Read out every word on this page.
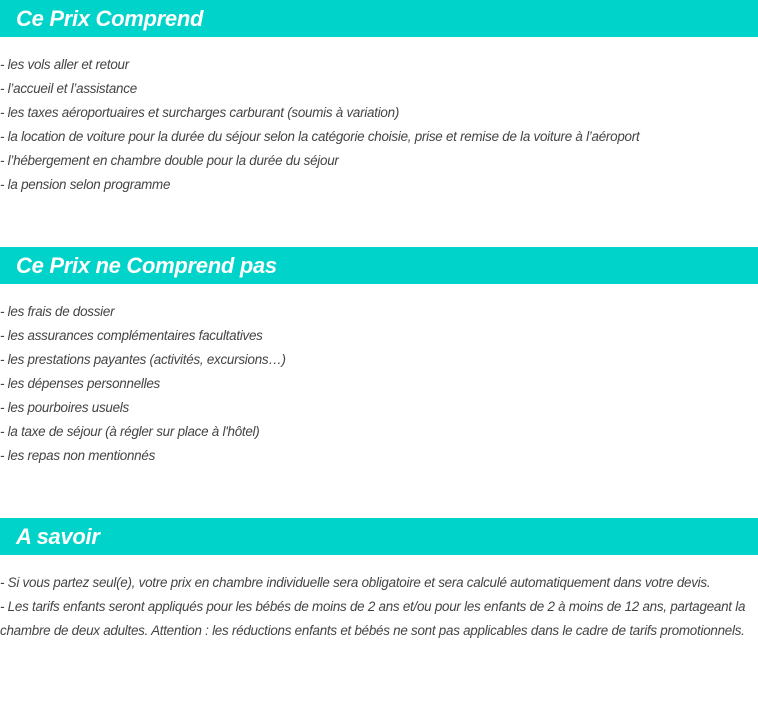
Ce Prix Comprend
- les vols aller et retour
- l’accueil et l’assistance
- les taxes aéroportuaires et surcharges carburant (soumis à variation)
- la location de voiture pour la durée du séjour selon la catégorie choisie, prise et remise de la voiture à l’aéroport
- l’hébergement en chambre double pour la durée du séjour
- la pension selon programme
Ce Prix ne Comprend pas
- les frais de dossier
- les assurances complémentaires facultatives
- les prestations payantes (activités, excursions…)
- les dépenses personnelles
- les pourboires usuels
- la taxe de séjour (à régler sur place à l'hôtel)
- les repas non mentionnés
A savoir

- Si vous partez seul(e), votre prix en chambre individuelle sera obligatoire et sera calculé automatiquement dans votre devis.

- Les tarifs enfants seront appliqués pour les bébés de moins de 2 ans et/ou pour les enfants de 2 à moins de 12 ans, partageant la chambre de deux adultes. Attention : les réductions enfants et bébés ne sont pas applicables dans le cadre de tarifs promotionnels.
